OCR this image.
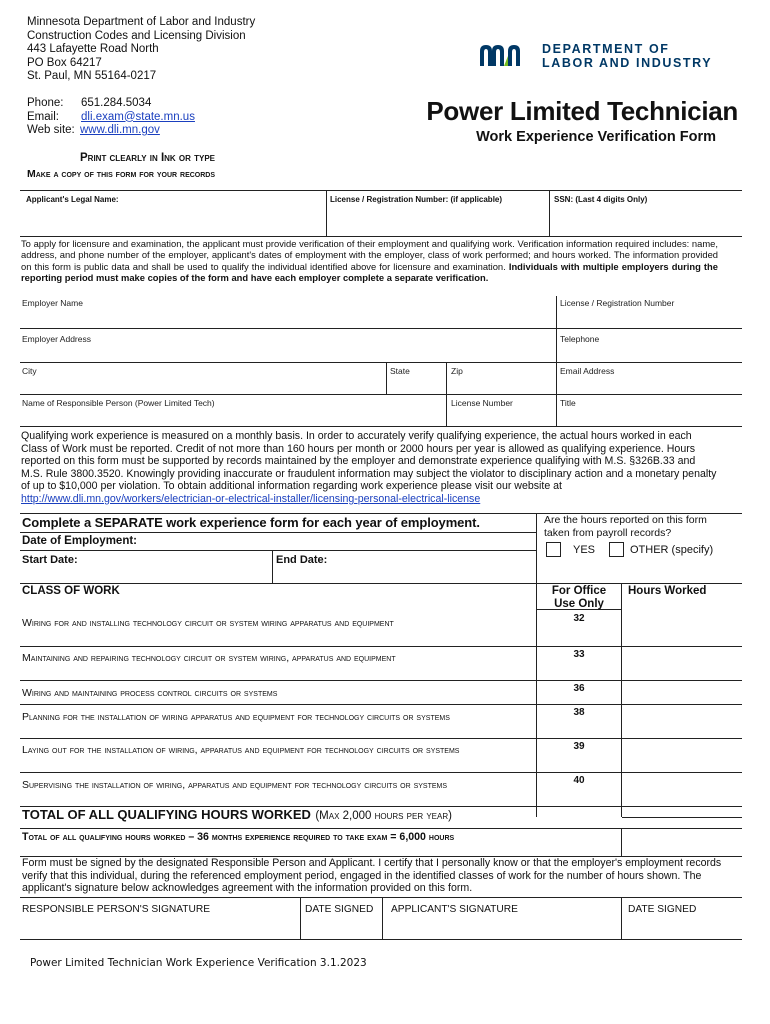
Minnesota Department of Labor and Industry
Construction Codes and Licensing Division
443 Lafayette Road North
PO Box 64217
St. Paul, MN 55164-0217
Phone: 651.284.5034
Email: dli.exam@state.mn.us
Web site: www.dli.mn.gov
DEPARTMENT OF
LABOR AND INDUSTRY
Power Limited Technician
Work Experience Verification Form
Print clearly in Ink or type
Make a copy of this form for your records
Applicant's Legal Name:	License / Registration Number: (if applicable)	SSN: (Last 4 digits Only)
To apply for licensure and examination, the applicant must provide verification of their employment and qualifying work. Verification information required includes: name, address, and phone number of the employer, applicant's dates of employment with the employer, class of work performed; and hours worked. The information provided on this form is public data and shall be used to qualify the individual identified above for licensure and examination. Individuals with multiple employers during the reporting period must make copies of the form and have each employer complete a separate verification.
Employer Name	License / Registration Number
Employer Address	Telephone
City	State	Zip	Email Address
Name of Responsible Person (Power Limited Tech)	License Number	Title
Qualifying work experience is measured on a monthly basis. In order to accurately verify qualifying experience, the actual hours worked in each Class of Work must be reported. Credit of not more than 160 hours per month or 2000 hours per year is allowed as qualifying experience. Hours reported on this form must be supported by records maintained by the employer and demonstrate experience qualifying with M.S. §326B.33 and M.S. Rule 3800.3520. Knowingly providing inaccurate or fraudulent information may subject the violator to disciplinary action and a monetary penalty of up to $10,000 per violation. To obtain additional information regarding work experience please visit our website at http://www.dli.mn.gov/workers/electrician-or-electrical-installer/licensing-personal-electrical-license
Complete a SEPARATE work experience form for each year of employment.	Are the hours reported on this form taken from payroll records?
YES	OTHER (specify)
Date of Employment:
Start Date:	End Date:
CLASS OF WORK	For Office Use Only
Hours Worked
Wiring for and installing technology circuit or system wiring apparatus and equipment	32
Maintaining and repairing technology circuit or system wiring, apparatus and equipment	33
Wiring and maintaining process control circuits or systems	36
Planning for the installation of wiring apparatus and equipment for technology circuits or systems	38
Laying out for the installation of wiring, apparatus and equipment for technology circuits or systems	39
Supervising the installation of wiring, apparatus and equipment for technology circuits or systems	40
TOTAL OF ALL QUALIFYING HOURS WORKED (Max 2,000 hours per year)
Total of all qualifying hours worked – 36 months experience required to take exam = 6,000 hours
Form must be signed by the designated Responsible Person and Applicant. I certify that I personally know or that the employer's employment records verify that this individual, during the referenced employment period, engaged in the identified classes of work for the number of hours shown. The applicant's signature below acknowledges agreement with the information provided on this form.
RESPONSIBLE PERSON'S SIGNATURE	DATE SIGNED APPLICANT'S SIGNATURE	DATE SIGNED
Power Limited Technician Work Experience Verification 3.1.2023
